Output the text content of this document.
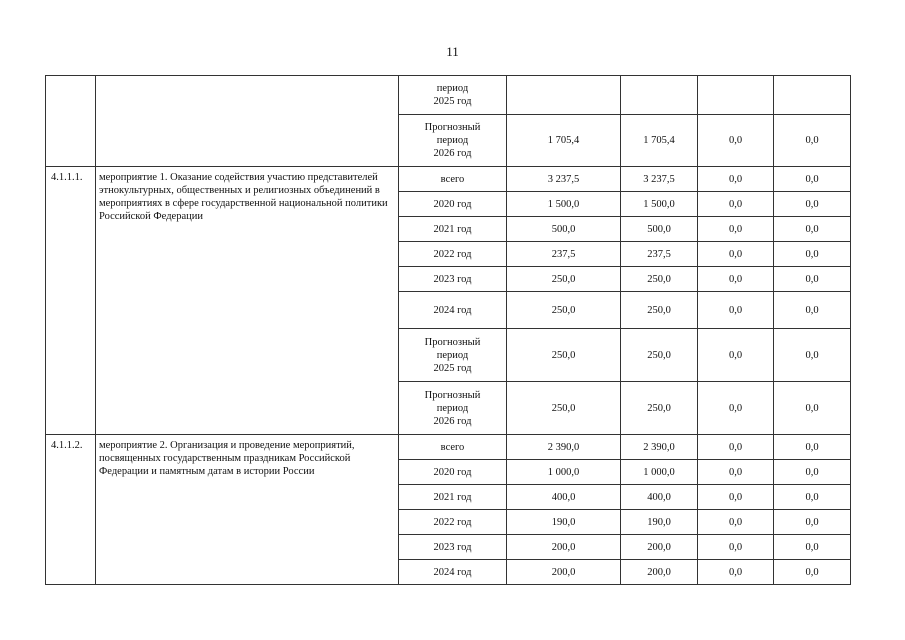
11
		период
2025 год				
		Прогнозный
период
2026 год	1 705,4	1 705,4	0,0	0,0
4.1.1.1.	мероприятие 1. Оказание содействия участию представителей этнокультурных, общественных и религиозных объединений в мероприятиях в сфере государственной национальной политики Российской Федерации	всего	3 237,5	3 237,5	0,0	0,0
		2020 год	1 500,0	1 500,0	0,0	0,0
		2021 год	500,0	500,0	0,0	0,0
		2022 год	237,5	237,5	0,0	0,0
		2023 год	250,0	250,0	0,0	0,0
		2024 год	250,0	250,0	0,0	0,0
		Прогнозный
период
2025 год	250,0	250,0	0,0	0,0
		Прогнозный
период
2026 год	250,0	250,0	0,0	0,0
4.1.1.2.	мероприятие 2. Организация и проведение мероприятий, посвященных государственным праздникам Российской Федерации и памятным датам в истории России	всего	2 390,0	2 390,0	0,0	0,0
		2020 год	1 000,0	1 000,0	0,0	0,0
		2021 год	400,0	400,0	0,0	0,0
		2022 год	190,0	190,0	0,0	0,0
		2023 год	200,0	200,0	0,0	0,0
		2024 год	200,0	200,0	0,0	0,0
